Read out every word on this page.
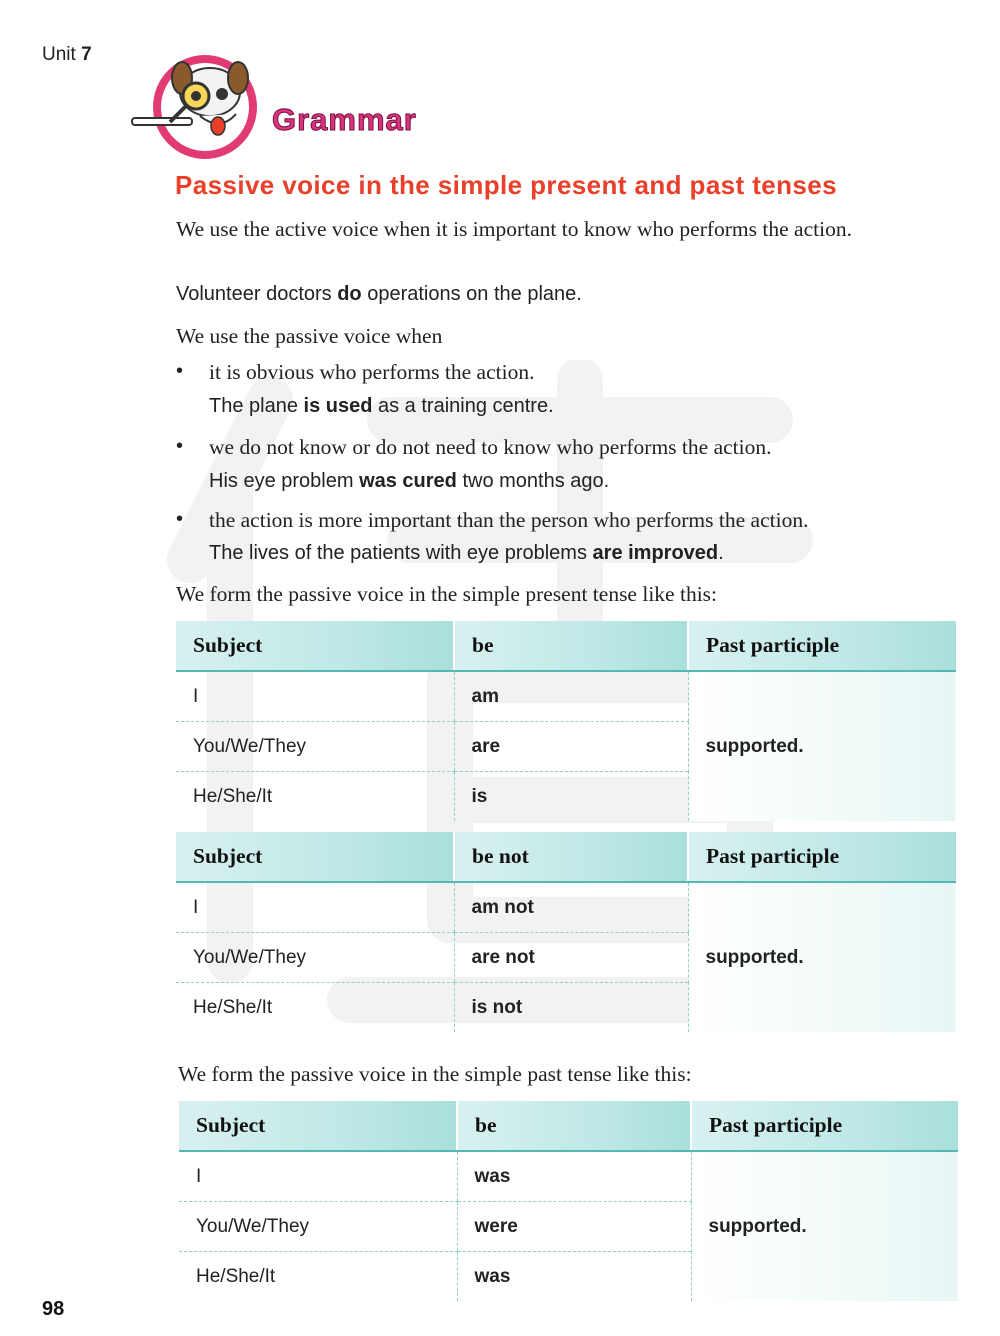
Unit 7
Grammar
Passive voice in the simple present and past tenses
We use the active voice when it is important to know who performs the action.
Volunteer doctors do operations on the plane.
We use the passive voice when
• it is obvious who performs the action.
The plane is used as a training centre.
• we do not know or do not need to know who performs the action.
His eye problem was cured two months ago.
• the action is more important than the person who performs the action.
The lives of the patients with eye problems are improved.
We form the passive voice in the simple present tense like this:
Subject	be	Past participle
I	am	supported.
You/We/They	are	
He/She/It	is	
Subject	be not	Past participle
I	am not	supported.
You/We/They	are not	
He/She/It	is not	
We form the passive voice in the simple past tense like this:
Subject	be	Past participle
I	was	supported.
You/We/They	were	
He/She/It	was	
98
